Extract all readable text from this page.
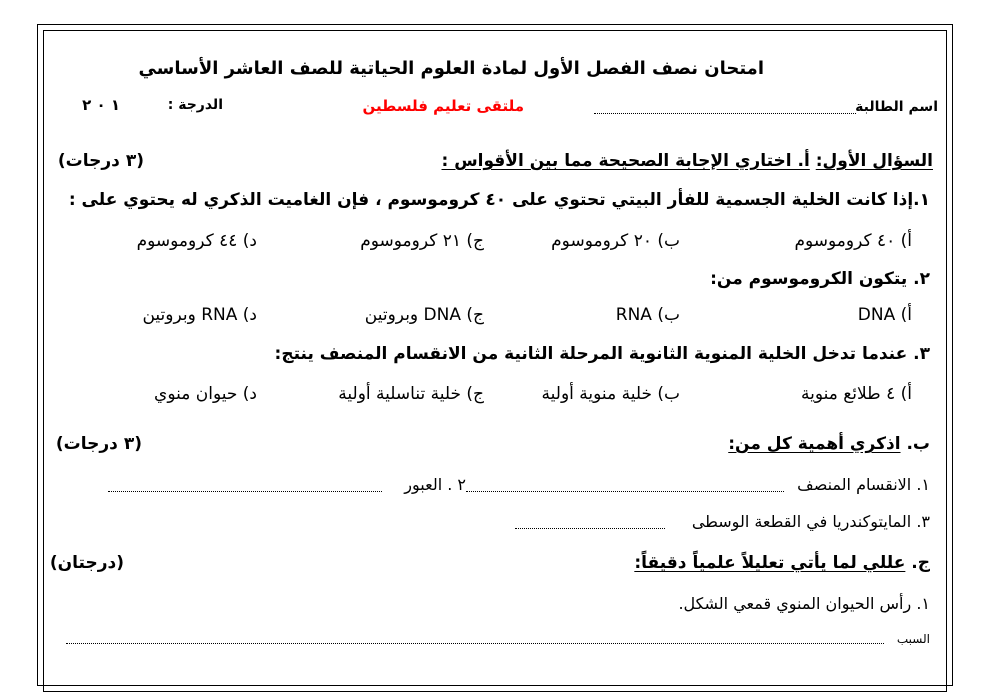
امتحان نصف الفصل الأول لمادة العلوم الحياتية للصف العاشر الأساسي
اسم الطالبة
ملتقى تعليم فلسطين
الدرجة :
١ ٠ ٢
السؤال الأول: أ. اختاري الإجابة الصحيحة مما بين الأقواس :
(٣ درجات)
١.إذا كانت الخلية الجسمية للفأر البيتي تحتوي على ٤٠ كروموسوم ، فإن الغاميت الذكري له يحتوي على :
أ) ٤٠ كروموسوم
ب) ٢٠ كروموسوم
ج) ٢١ كروموسوم
د) ٤٤ كروموسوم
٢. يتكون الكروموسوم من:
أ) DNA
ب) RNA
ج) DNA وبروتين
د) RNA وبروتين
٣. عندما تدخل الخلية المنوية الثانوية المرحلة الثانية من الانقسام المنصف ينتج:
أ) ٤ طلائع منوية
ب) خلية منوية أولية
ج) خلية تناسلية أولية
د) حيوان منوي
ب. اذكري أهمية كل من:
(٣ درجات)
١. الانقسام المنصف
٢ . العبور
٣. المايتوكندريا في القطعة الوسطى
ج. عللي لما يأتي تعليلاً علمياً دقيقاً:
(درجتان)
١. رأس الحيوان المنوي قمعي الشكل.
السبب
